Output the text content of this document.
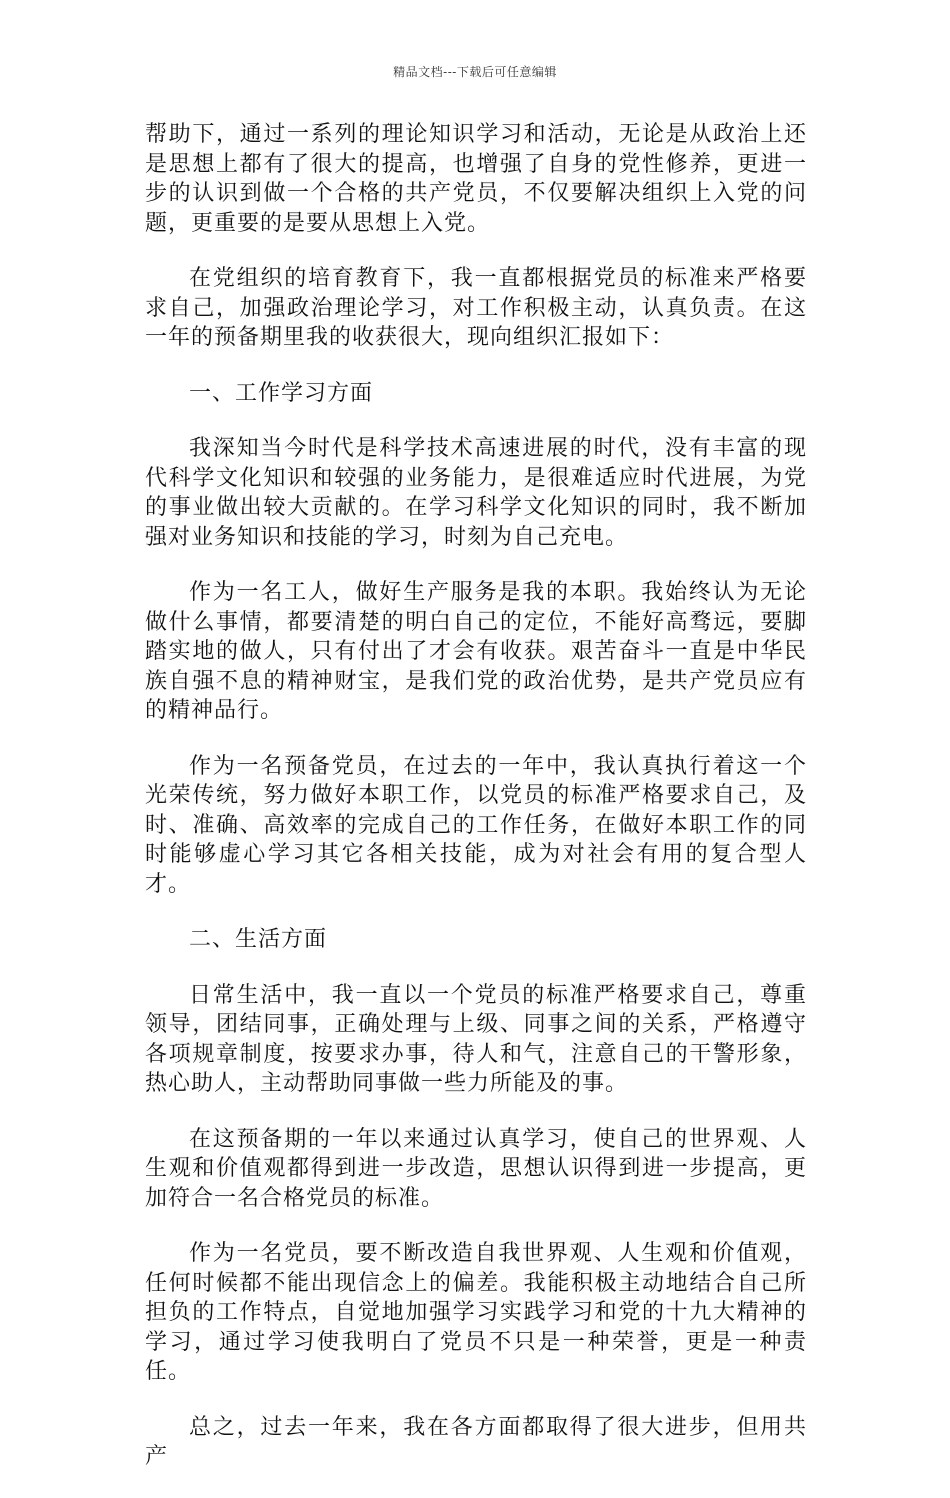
精品文档---下载后可任意编辑

帮助下，通过一系列的理论知识学习和活动，无论是从政治上还是思想上都有了很大的提高，也增强了自身的党性修养，更进一步的认识到做一个合格的共产党员，不仅要解决组织上入党的问题，更重要的是要从思想上入党。

在党组织的培育教育下，我一直都根据党员的标准来严格要求自己，加强政治理论学习，对工作积极主动，认真负责。在这一年的预备期里我的收获很大，现向组织汇报如下：

一、工作学习方面

我深知当今时代是科学技术高速进展的时代，没有丰富的现代科学文化知识和较强的业务能力，是很难适应时代进展，为党的事业做出较大贡献的。在学习科学文化知识的同时，我不断加强对业务知识和技能的学习，时刻为自己充电。

作为一名工人，做好生产服务是我的本职。我始终认为无论做什么事情，都要清楚的明白自己的定位，不能好高骛远，要脚踏实地的做人，只有付出了才会有收获。艰苦奋斗一直是中华民族自强不息的精神财宝，是我们党的政治优势，是共产党员应有的精神品行。

作为一名预备党员，在过去的一年中，我认真执行着这一个光荣传统，努力做好本职工作，以党员的标准严格要求自己，及时、准确、高效率的完成自己的工作任务，在做好本职工作的同时能够虚心学习其它各相关技能，成为对社会有用的复合型人才。

二、生活方面

日常生活中，我一直以一个党员的标准严格要求自己，尊重领导，团结同事，正确处理与上级、同事之间的关系，严格遵守各项规章制度，按要求办事，待人和气，注意自己的干警形象，热心助人，主动帮助同事做一些力所能及的事。

在这预备期的一年以来通过认真学习，使自己的世界观、人生观和价值观都得到进一步改造，思想认识得到进一步提高，更加符合一名合格党员的标准。

作为一名党员，要不断改造自我世界观、人生观和价值观，任何时候都不能出现信念上的偏差。我能积极主动地结合自己所担负的工作特点，自觉地加强学习实践学习和党的十九大精神的学习，通过学习使我明白了党员不只是一种荣誉，更是一种责任。

总之，过去一年来，我在各方面都取得了很大进步，但用共产
